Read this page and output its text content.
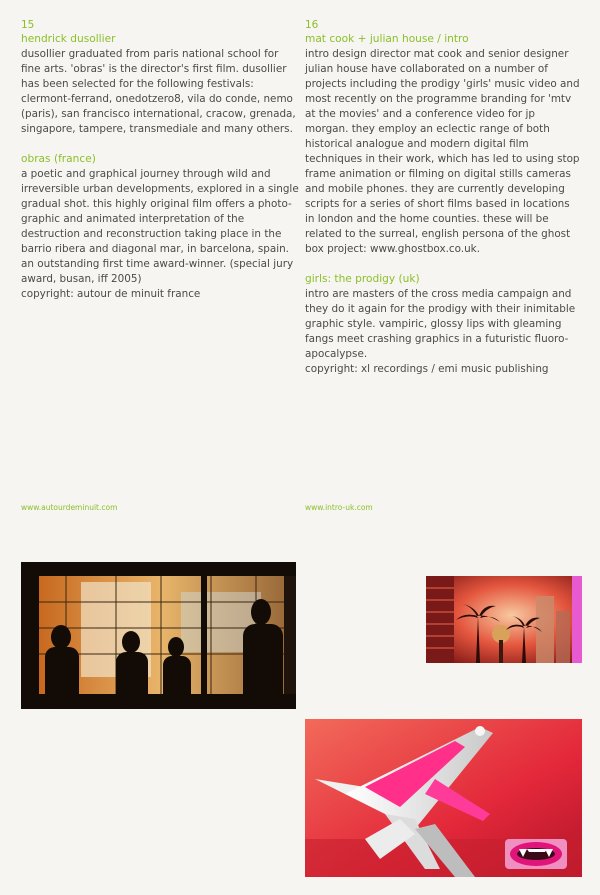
15
hendrick dusollier

dusollier graduated from paris national school for fine arts. 'obras' is the director's first film. dusollier has been selected for the following festivals: clermont-ferrand, onedotzero8, vila do conde, nemo (paris), san francisco international, cracow, grenada, singapore, tampere, transmediale and many others.

obras (france)

a poetic and graphical journey through wild and irreversible urban developments, explored in a single gradual shot. this highly original film offers a photo-graphic and animated interpretation of the destruction and reconstruction taking place in the barrio ribera and diagonal mar, in barcelona, spain. an outstanding first time award-winner. (special jury award, busan, iff 2005)

copyright: autour de minuit france

16
mat cook + julian house / intro

intro design director mat cook and senior designer julian house have collaborated on a number of projects including the prodigy 'girls' music video and most recently on the programme branding for 'mtv at the movies' and a conference video for jp morgan. they employ an eclectic range of both historical analogue and modern digital film techniques in their work, which has led to using stop frame animation or filming on digital stills cameras and mobile phones. they are currently developing scripts for a series of short films based in locations in london and the home counties. these will be related to the surreal, english persona of the ghost box project: www.ghostbox.co.uk.

girls: the prodigy (uk)

intro are masters of the cross media campaign and they do it again for the prodigy with their inimitable graphic style. vampiric, glossy lips with gleaming fangs meet crashing graphics in a futuristic fluoro-apocalypse.

copyright: xl recordings / emi music publishing

www.autourdeminuit.com	www.intro-uk.com
